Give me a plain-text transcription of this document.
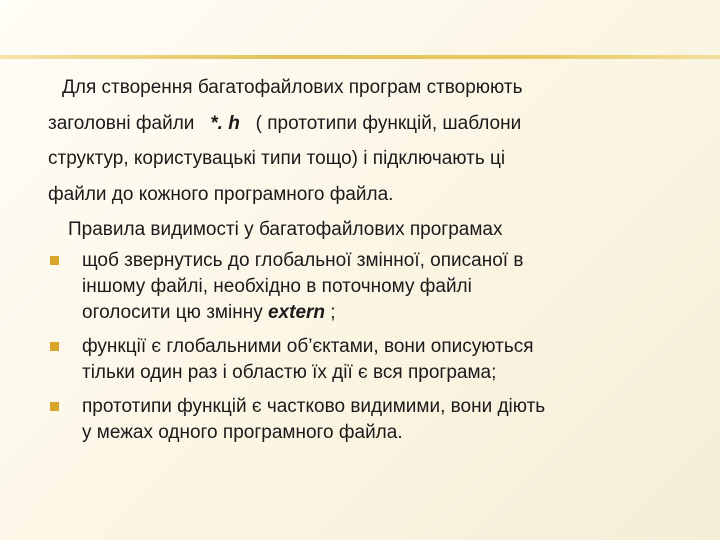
Для створення багатофайлових програм створюють
заголовні файли *. h ( прототипи функцій, шаблони
структур, користувацькі типи тощо) і підключають ці
файли до кожного програмного файла.

Правила видимості у багатофайлових програмах

щоб звернутись до глобальної змінної, описаної в
іншому файлі, необхідно в поточному файлі
оголосити цю змінну extern ;
функції є глобальними об’єктами, вони описуються
тільки один раз і областю їх дії є вся програма;
прототипи функцій є частково видимими, вони діють
у межах одного програмного файла.
